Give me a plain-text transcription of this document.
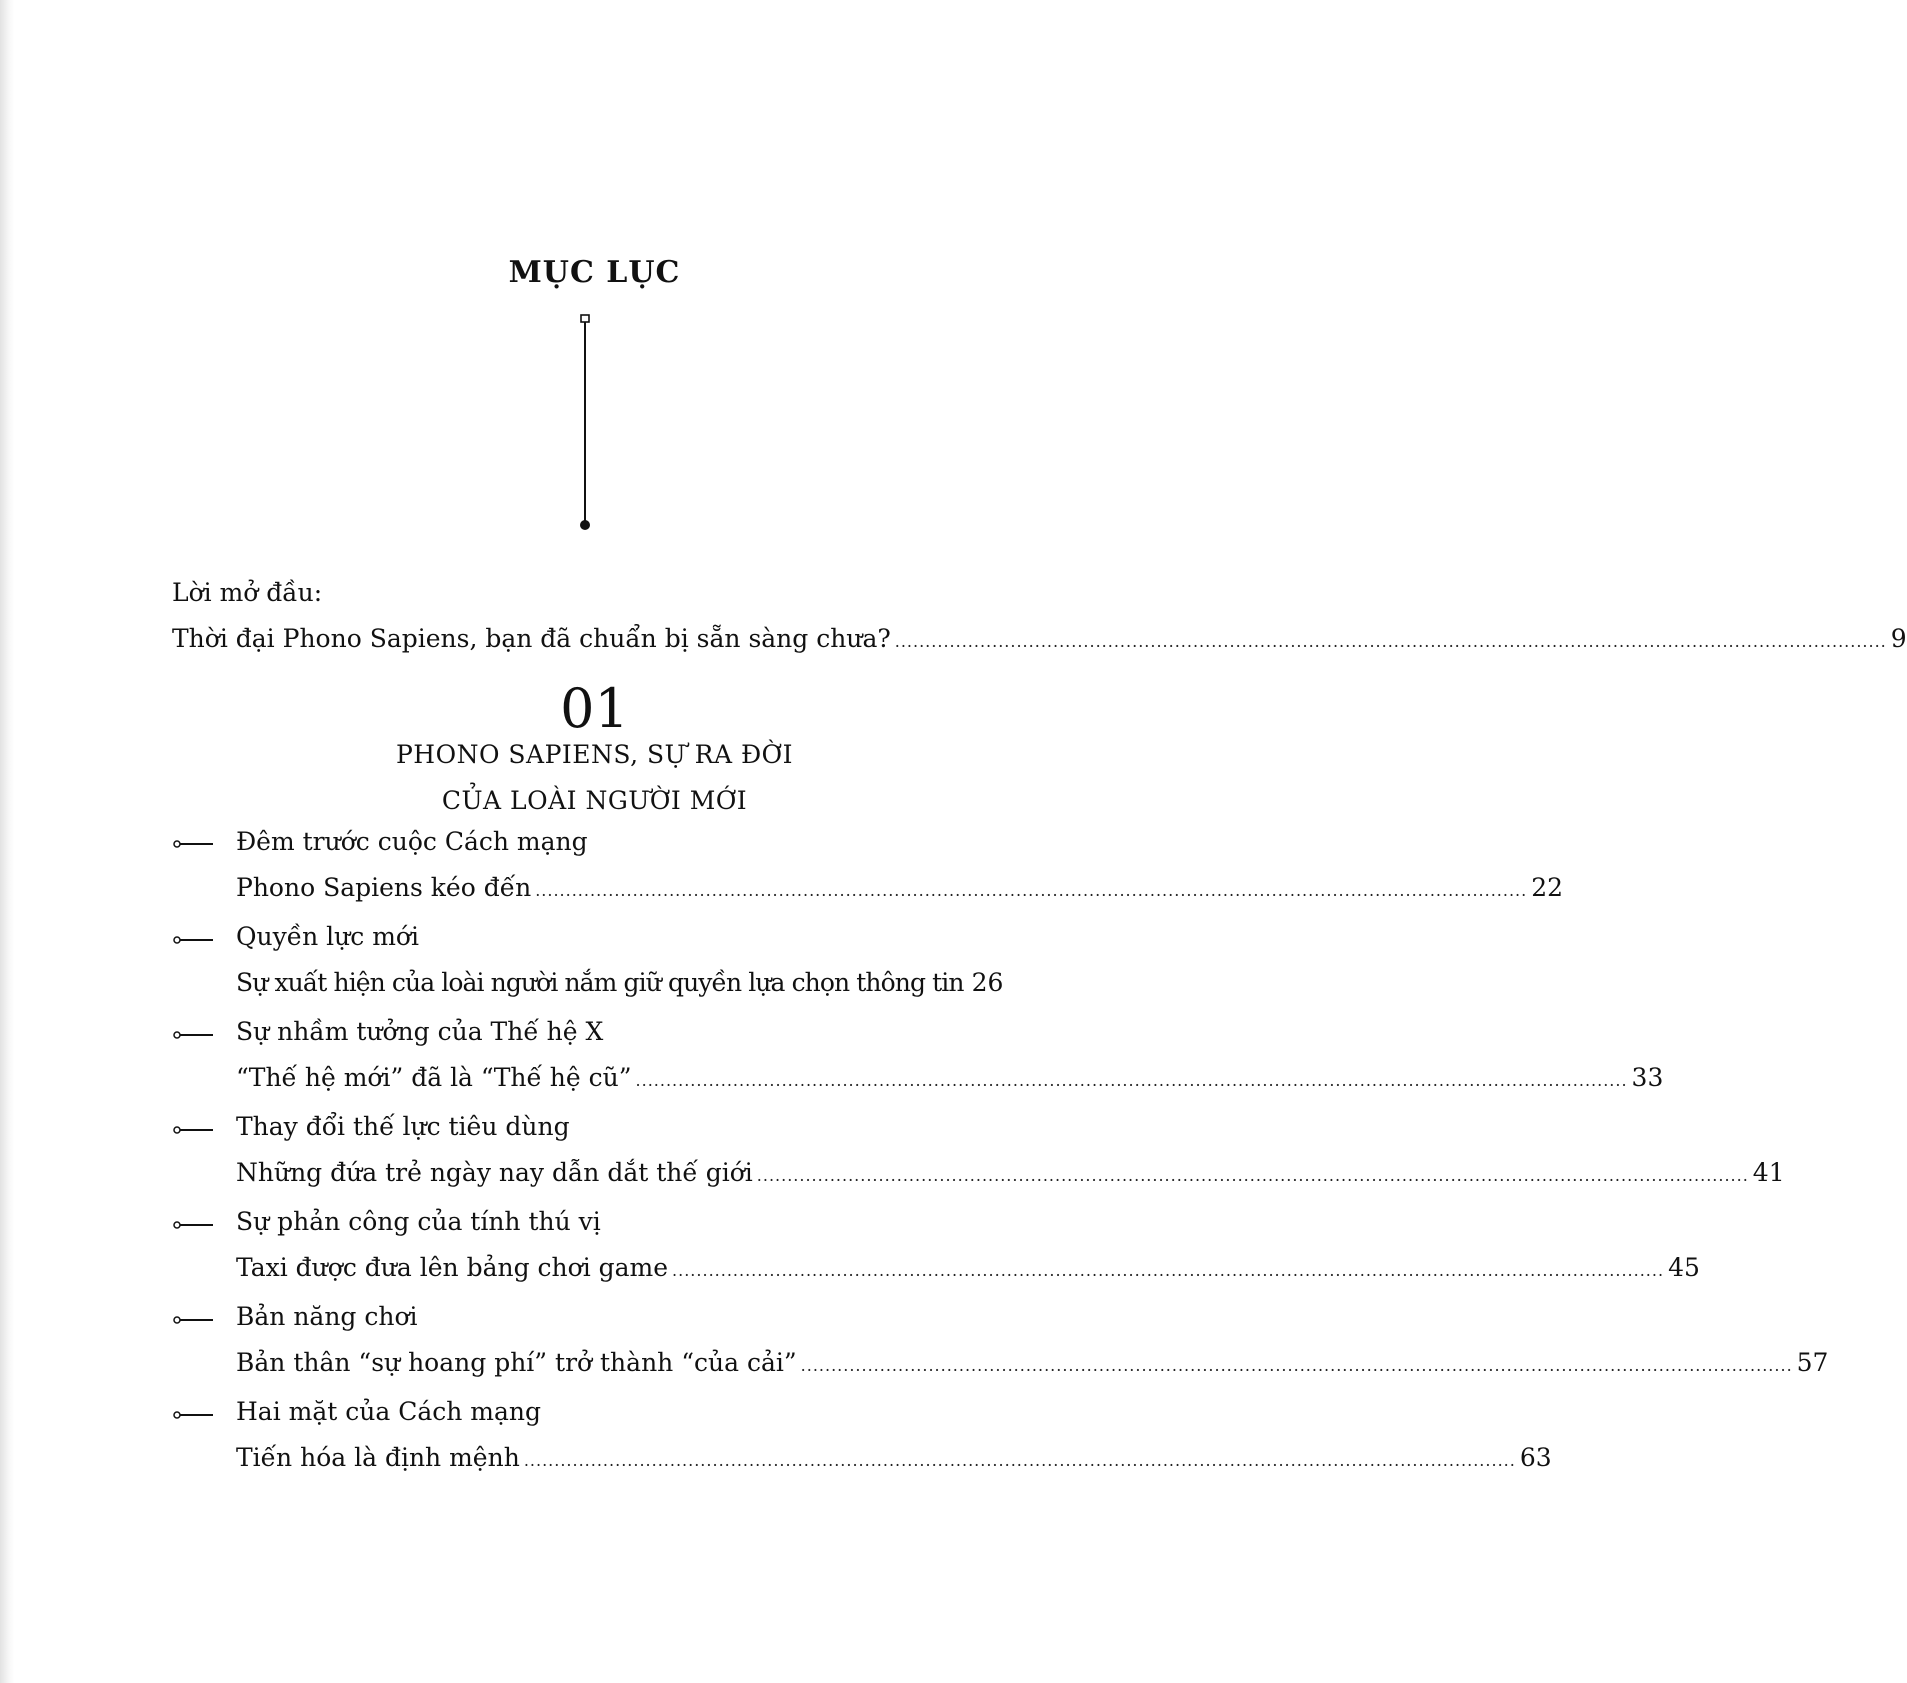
MỤC LỤC
Lời mở đầu:
Thời đại Phono Sapiens, bạn đã chuẩn bị sẵn sàng chưa? ................................................................................................................................................................... 9
01
PHONO SAPIENS, SỰ RA ĐỜI
CỦA LOÀI NGƯỜI MỚI
Đêm trước cuộc Cách mạng
Phono Sapiens kéo đến ................................................................................................................................................................... 22
Quyền lực mới
Sự xuất hiện của loài người nắm giữ quyền lựa chọn thông tin 26
Sự nhầm tưởng của Thế hệ X
“Thế hệ mới” đã là “Thế hệ cũ” ................................................................................................................................................................... 33
Thay đổi thế lực tiêu dùng
Những đứa trẻ ngày nay dẫn dắt thế giới ................................................................................................................................................................... 41
Sự phản công của tính thú vị
Taxi được đưa lên bảng chơi game ................................................................................................................................................................... 45
Bản năng chơi
Bản thân “sự hoang phí” trở thành “của cải” ................................................................................................................................................................... 57
Hai mặt của Cách mạng
Tiến hóa là định mệnh ................................................................................................................................................................... 63
